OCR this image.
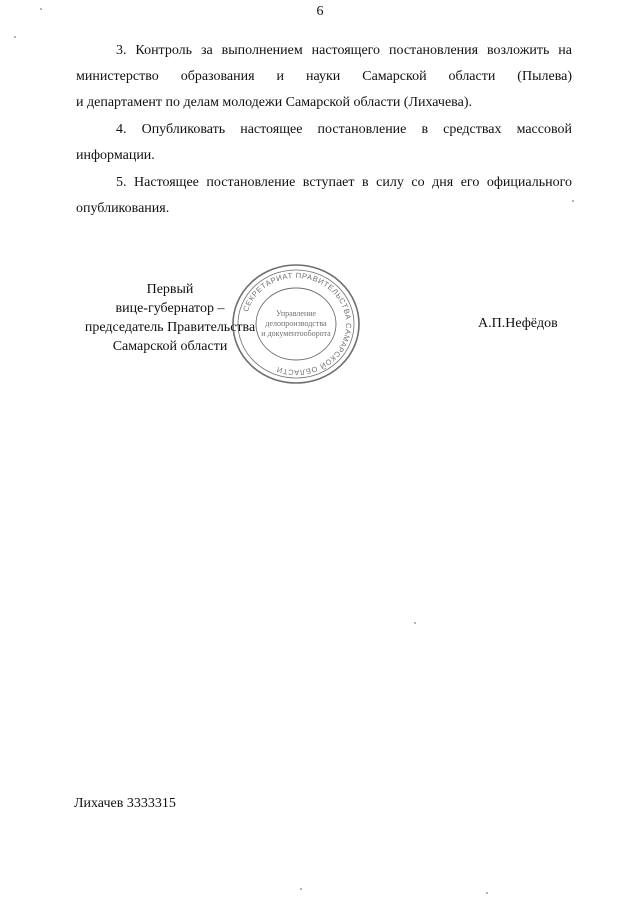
6
3. Контроль за выполнением настоящего постановления возложить на
министерство образования и науки Самарской области (Пылева)
и департамент по делам молодежи Самарской области (Лихачева).
4. Опубликовать настоящее постановление в средствах массовой
информации.
5. Настоящее постановление вступает в силу со дня его официального
опубликования.
Первый
вице-губернатор –
председатель Правительства
Самарской области
СЕКРЕТАРИАТ ПРАВИТЕЛЬСТВА САМАРСКОЙ ОБЛАСТИ
Управление
делопроизводства
и документооборота
А.П.Нефёдов
Лихачев 3333315
